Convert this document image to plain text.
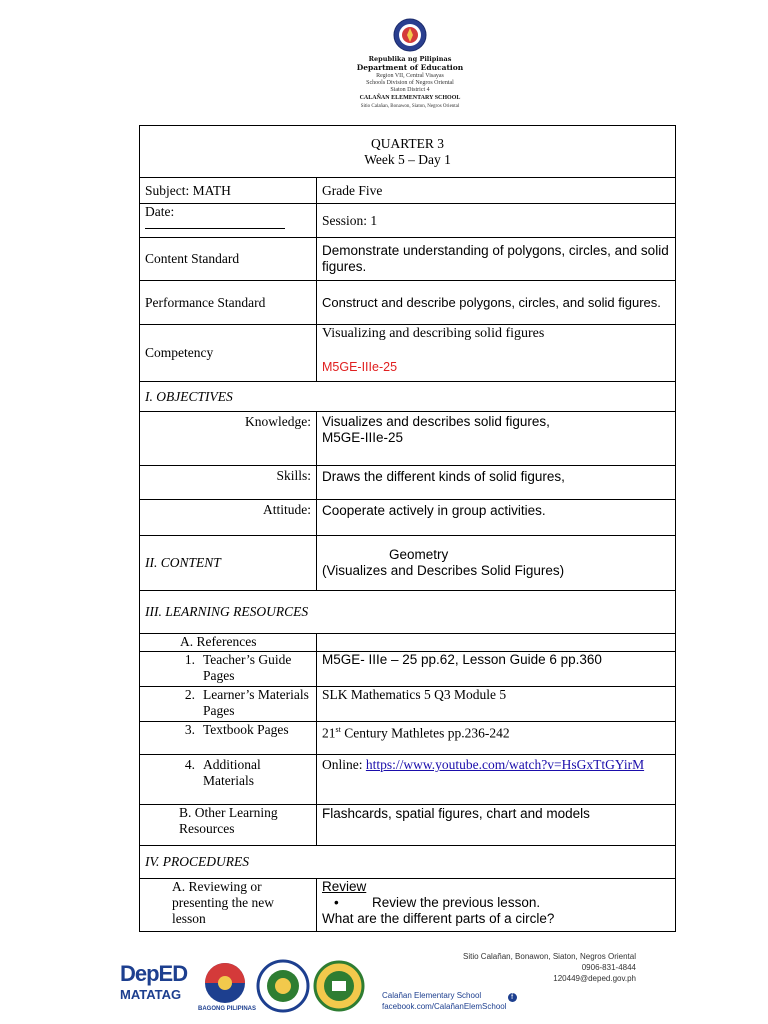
Republika ng Pilipinas
Department of Education
Region VII, Central Visayas
Schools Division of Negros Oriental
Siaton District 4
CALAÑAN ELEMENTARY SCHOOL
Sitio Calañan, Bonawon, Siaton, Negros Oriental
QUARTER 3
Week 5 – Day 1	

Subject: MATH	Grade Five
Date:	Session: 1
Content Standard	Demonstrate understanding of polygons, circles, and solid figures.
Performance Standard	Construct and describe polygons, circles, and solid figures.
Competency	Visualizing and describing solid figures
M5GE-IIIe-25

I. OBJECTIVES	
Knowledge:	Visualizes and describes solid figures,
M5GE-IIIe-25

Skills:	Draws the different kinds of solid figures,
Attitude:	Cooperate actively in group activities.
II. CONTENT	Geometry
(Visualizes and Describes Solid Figures)

III. LEARNING RESOURCES	
A. References	

1. Teacher’s Guide Pages	M5GE- IIIe – 25 pp.62, Lesson Guide 6 pp.360

2. Learner’s Materials Pages	SLK Mathematics 5 Q3 Module 5

3. Textbook Pages	21st Century Mathletes pp.236-242

4. Additional Materials	Online: https://www.youtube.com/watch?v=HsGxTtGYirM

B. Other Learning Resources	Flashcards, spatial figures, chart and models
IV. PROCEDURES	

A. Reviewing or presenting the new lesson	Review
• Review the previous lesson.
What are the different parts of a circle?
DepED
MATATAG
BAGONG PILIPINAS
Sitio Calañan, Bonawon, Siaton, Negros Oriental
0906-831-4844
120449@deped.gov.ph
Calañan Elementary School	f facebook.com/CalañanElemSchool
